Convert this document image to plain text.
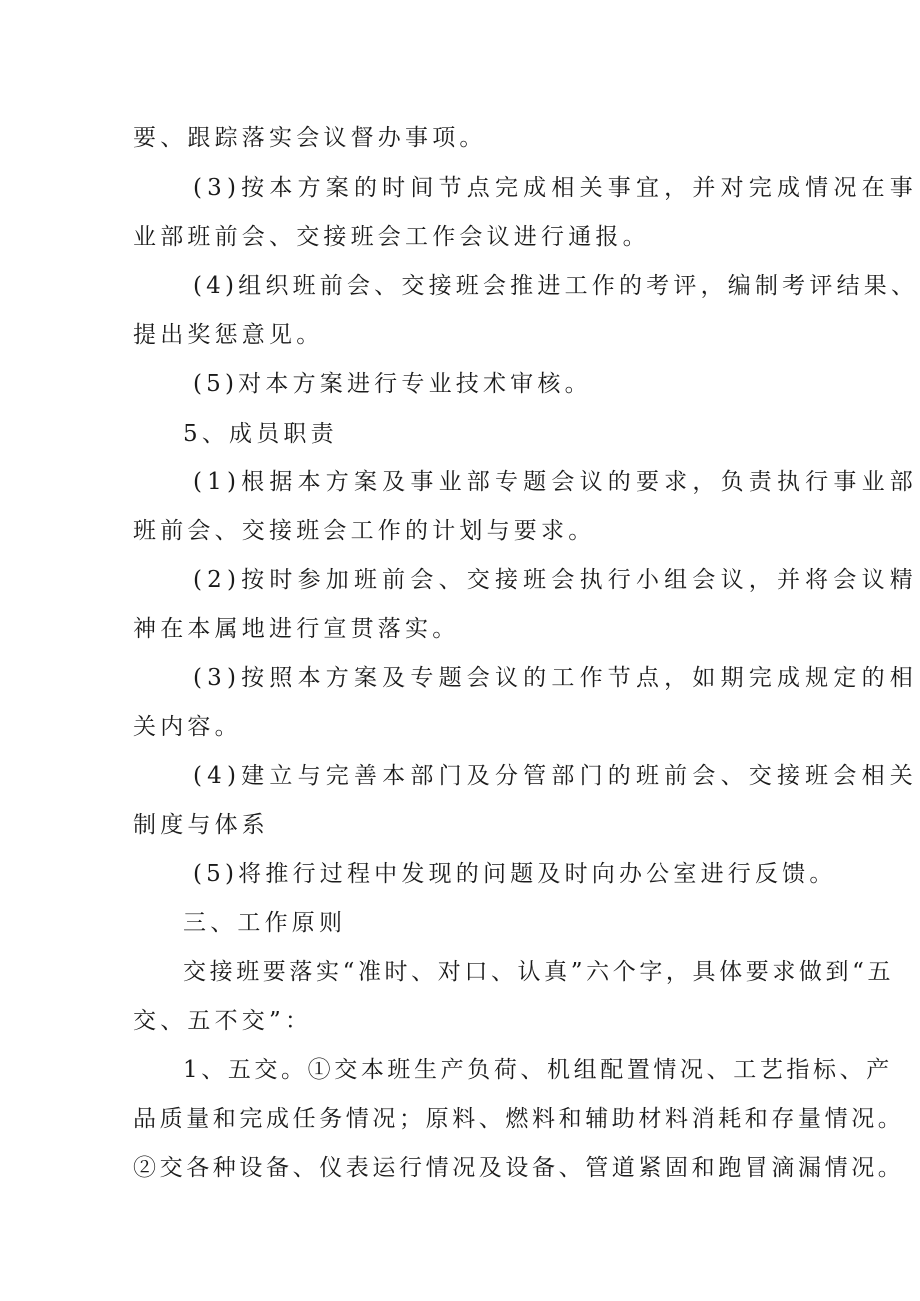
要、跟踪落实会议督办事项。
(3)按本方案的时间节点完成相关事宜，并对完成情况在事
业部班前会、交接班会工作会议进行通报。
(4)组织班前会、交接班会推进工作的考评，编制考评结果、
提出奖惩意见。
(5)对本方案进行专业技术审核。
5、成员职责
(1)根据本方案及事业部专题会议的要求，负责执行事业部
班前会、交接班会工作的计划与要求。
(2)按时参加班前会、交接班会执行小组会议，并将会议精
神在本属地进行宣贯落实。
(3)按照本方案及专题会议的工作节点，如期完成规定的相
关内容。
(4)建立与完善本部门及分管部门的班前会、交接班会相关
制度与体系
(5)将推行过程中发现的问题及时向办公室进行反馈。
三、工作原则
交接班要落实“准时、对口、认真”六个字，具体要求做到“五
交、五不交”：
1、五交。①交本班生产负荷、机组配置情况、工艺指标、产
品质量和完成任务情况；原料、燃料和辅助材料消耗和存量情况。
②交各种设备、仪表运行情况及设备、管道紧固和跑冒滴漏情况。
